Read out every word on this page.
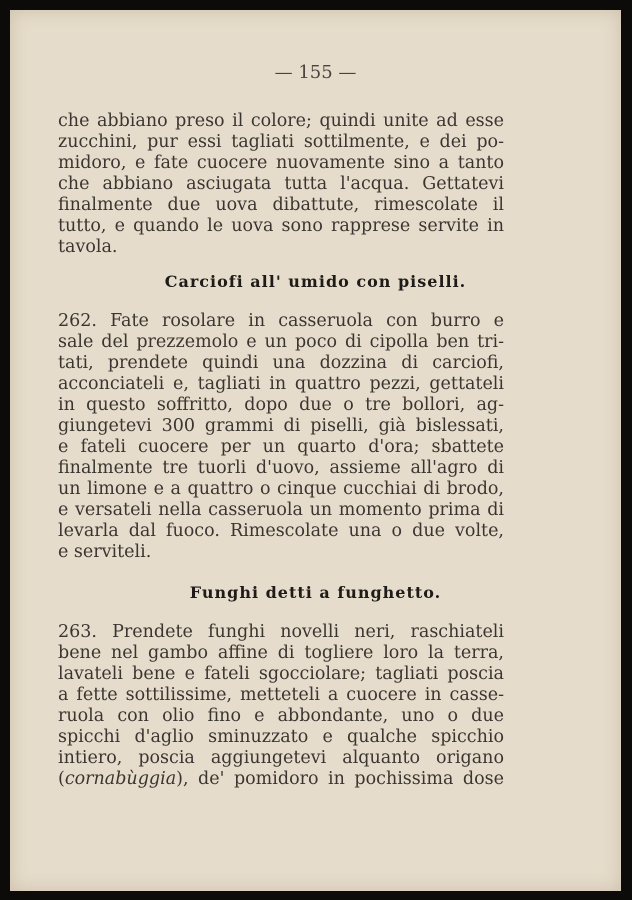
— 155 —
che abbiano preso il colore; quindi unite ad esse
zucchini, pur essi tagliati sottilmente, e dei po-
midoro, e fate cuocere nuovamente sino a tanto
che abbiano asciugata tutta l'acqua. Gettatevi
finalmente due uova dibattute, rimescolate il
tutto, e quando le uova sono rapprese servite in
tavola.
Carciofi all' umido con piselli.
262. Fate rosolare in casseruola con burro e
sale del prezzemolo e un poco di cipolla ben tri-
tati, prendete quindi una dozzina di carciofi,
acconciateli e, tagliati in quattro pezzi, gettateli
in questo soffritto, dopo due o tre bollori, ag-
giungetevi 300 grammi di piselli, già bislessati,
e fateli cuocere per un quarto d'ora; sbattete
finalmente tre tuorli d'uovo, assieme all'agro di
un limone e a quattro o cinque cucchiai di brodo,
e versateli nella casseruola un momento prima di
levarla dal fuoco. Rimescolate una o due volte,
e serviteli.
Funghi detti a funghetto.
263. Prendete funghi novelli neri, raschiateli
bene nel gambo affine di togliere loro la terra,
lavateli bene e fateli sgocciolare; tagliati poscia
a fette sottilissime, metteteli a cuocere in casse-
ruola con olio fino e abbondante, uno o due
spicchi d'aglio sminuzzato e qualche spicchio
intiero, poscia aggiungetevi alquanto origano
(cornabùggia), de' pomidoro in pochissima dose
